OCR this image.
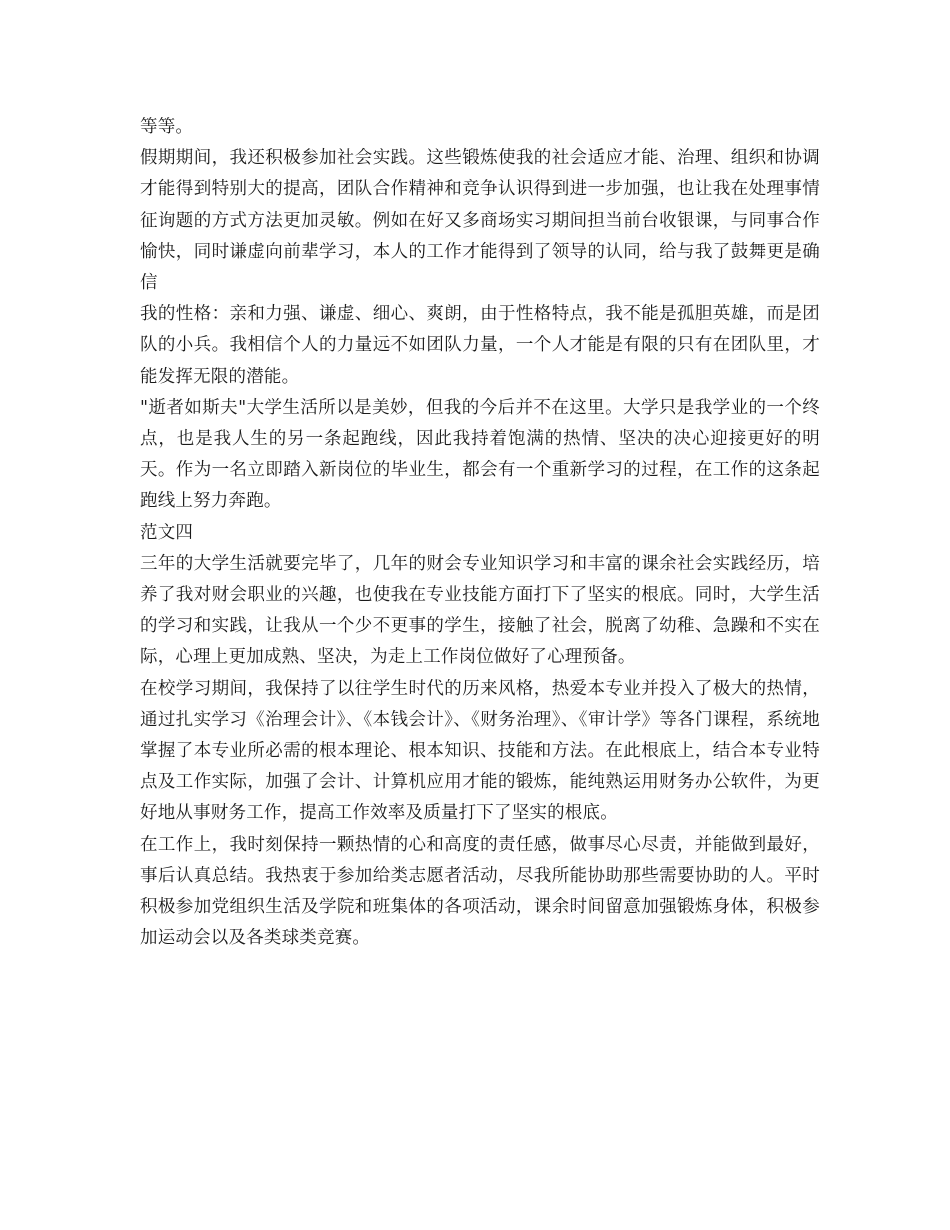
等等。

假期期间，我还积极参加社会实践。这些锻炼使我的社会适应才能、治理、组织和协调才能得到特别大的提高，团队合作精神和竞争认识得到进一步加强，也让我在处理事情征询题的方式方法更加灵敏。例如在好又多商场实习期间担当前台收银课，与同事合作愉快，同时谦虚向前辈学习，本人的工作才能得到了领导的认同，给与我了鼓舞更是确信

我的性格：亲和力强、谦虚、细心、爽朗，由于性格特点，我不能是孤胆英雄，而是团队的小兵。我相信个人的力量远不如团队力量，一个人才能是有限的只有在团队里，才能发挥无限的潜能。

"逝者如斯夫"大学生活所以是美妙，但我的今后并不在这里。大学只是我学业的一个终点，也是我人生的另一条起跑线，因此我持着饱满的热情、坚决的决心迎接更好的明天。作为一名立即踏入新岗位的毕业生，都会有一个重新学习的过程，在工作的这条起跑线上努力奔跑。

范文四

三年的大学生活就要完毕了，几年的财会专业知识学习和丰富的课余社会实践经历，培养了我对财会职业的兴趣，也使我在专业技能方面打下了坚实的根底。同时，大学生活的学习和实践，让我从一个少不更事的学生，接触了社会，脱离了幼稚、急躁和不实在际，心理上更加成熟、坚决，为走上工作岗位做好了心理预备。

在校学习期间，我保持了以往学生时代的历来风格，热爱本专业并投入了极大的热情，通过扎实学习《治理会计》、《本钱会计》、《财务治理》、《审计学》等各门课程，系统地掌握了本专业所必需的根本理论、根本知识、技能和方法。在此根底上，结合本专业特点及工作实际，加强了会计、计算机应用才能的锻炼，能纯熟运用财务办公软件，为更好地从事财务工作，提高工作效率及质量打下了坚实的根底。

在工作上，我时刻保持一颗热情的心和高度的责任感，做事尽心尽责，并能做到最好，事后认真总结。我热衷于参加给类志愿者活动，尽我所能协助那些需要协助的人。平时积极参加党组织生活及学院和班集体的各项活动，课余时间留意加强锻炼身体，积极参加运动会以及各类球类竞赛。
